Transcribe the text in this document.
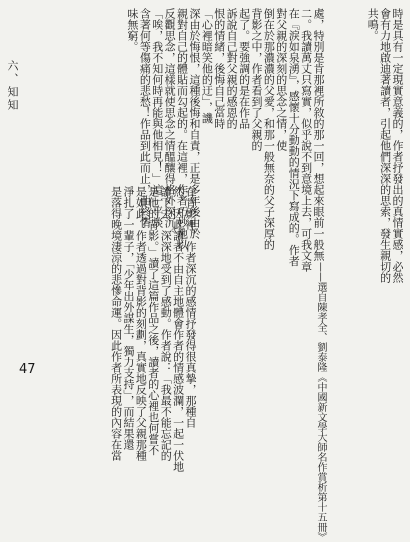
六、知知
47
處，特別是肯那裡所敘的那一回，想起來眼前一般無
二。我讀萬丈只寫實，似乎說不到意境上去，可我文章
在『淚如泉湧』，感懷十分動動的情況下寫成的。作者
對父親的深刻的思念之情，使
倒在於那濃濃的父愛，和那一般無奈的父子深厚的
背影之中，作者看到了父親的
起了。要強調的是在作品
訴說自己對父親的感恩的
恨的情緒，後悔自己當時
「心裡暗笑他的迂」，譏
深由於悔恨，這種後悔和自責，正是多年後由於
親對自己的體貼而勾起的。在這裡，作者巧妙地以
反觀思念，這樣就使思念之情醞釀得格外深沉。
「唉，我不知何時再能與他相見！」這一平淡
含著何等傷痛的悲愁！作品到此而止，曲終情
味無窮。	時是具有一定現實意義的，作者抒發出的真情實感，必然
會有力地啟迪著讀者，引起他們深深的思索，發生親切的
共鳴。
——選自陳孝全、劉泰隆《中國新文學大師名作賞析第十五冊》
在肯影裡，作者深沉的感情抒發得很真摯，那種自
然、因此讀者不由自主地體會作者的情感波瀾，一起一伏地
讀下去，深深地受到了感動。作者說：「我最不能忘記的
是他的背影。」讀了這篇作品之後，讀者的心裡也何嘗不
是如此？作者透過對背影的刻劃，真實地反映了父親那種
淨扎了一輩子，「少年出外謀生，獨力支持」，而結果還
是落得晚境淒涼的悲慘命運。因此作者所表現的內容在當
